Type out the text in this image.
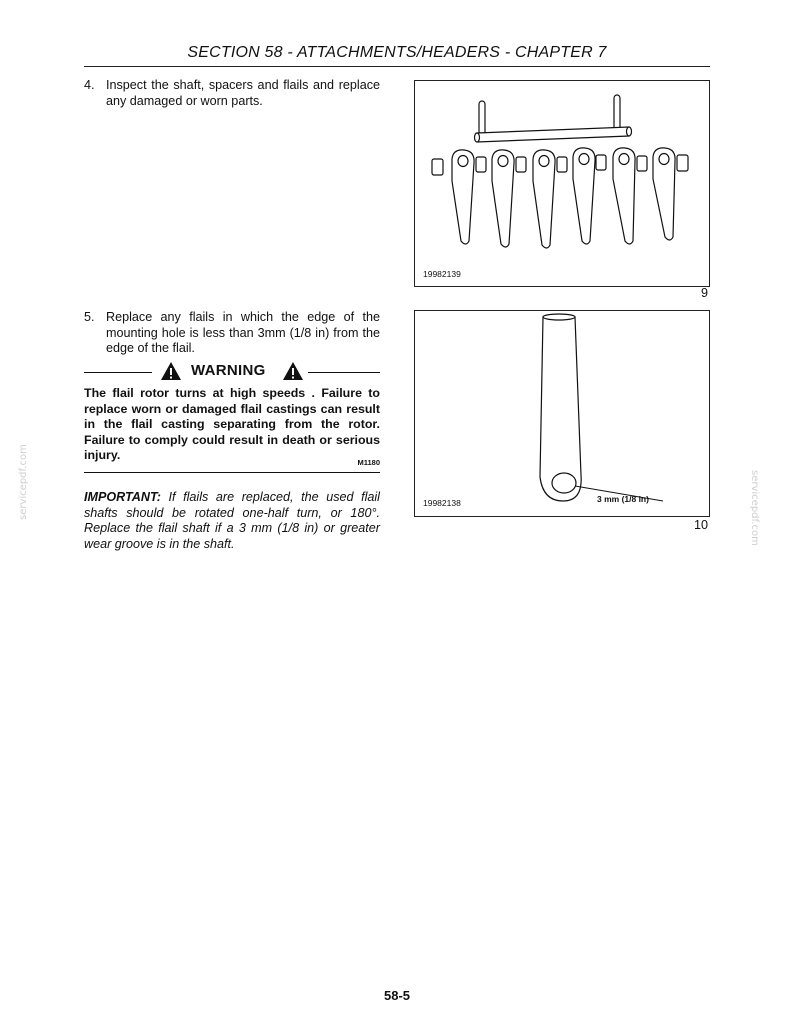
SECTION 58 - ATTACHMENTS/HEADERS - CHAPTER 7
4. Inspect the shaft, spacers and flails and replace any damaged or worn parts.
5. Replace any flails in which the edge of the mounting hole is less than 3mm (1/8 in) from the edge of the flail.
WARNING
The flail rotor turns at high speeds . Failure to replace worn or damaged flail castings can result in the flail casting separating from the rotor. Failure to comply could result in death or serious injury.
M1180
IMPORTANT: If flails are replaced, the used flail shafts should be rotated one-half turn, or 180°. Replace the flail shaft if a 3 mm (1/8 in) or greater wear groove is in the shaft.
19982139
9
19982138	3 mm (1/8 in)
10
servicepdf.com	servicepdf.com
58-5
